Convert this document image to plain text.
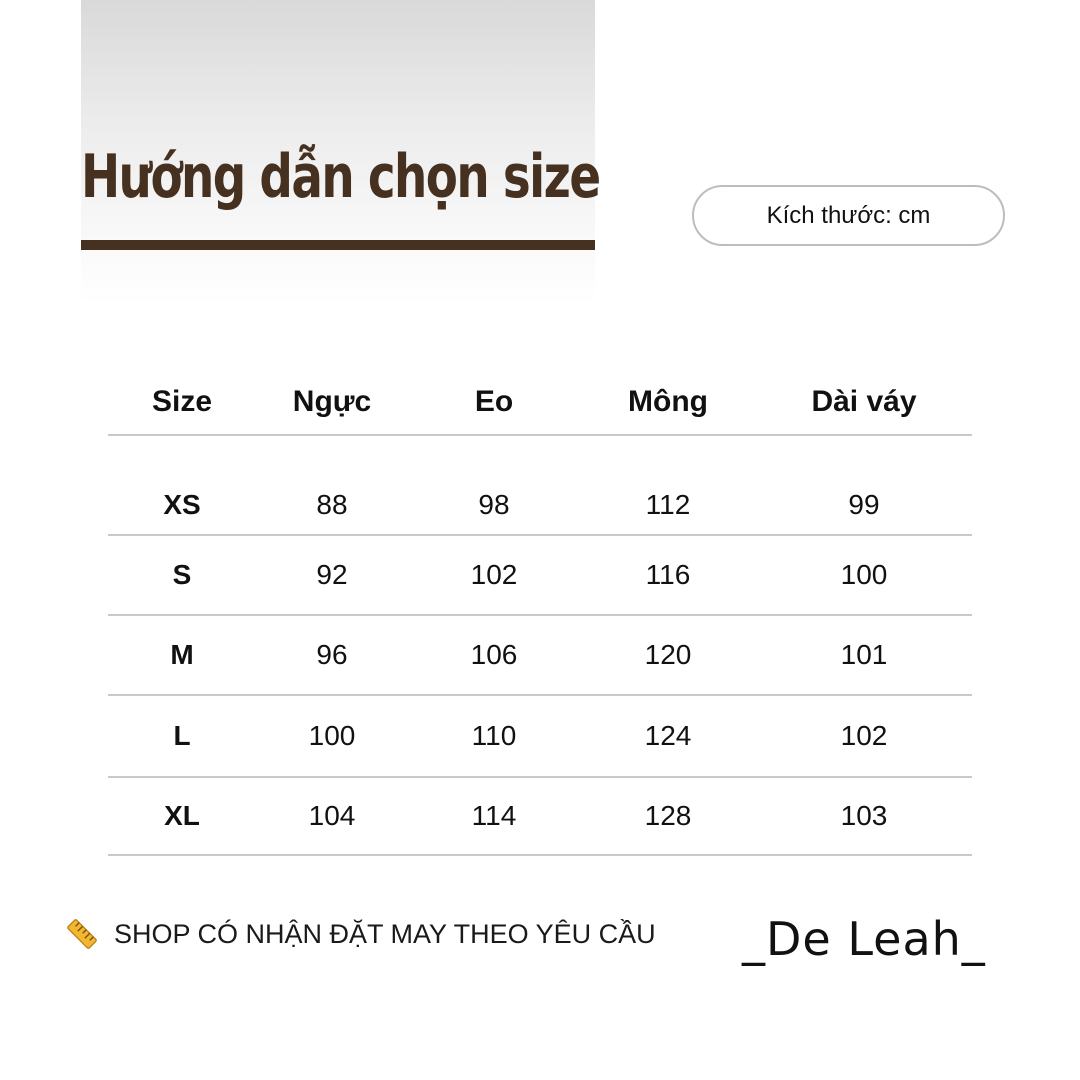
Hướng dẫn chọn size
Kích thước: cm
Size	Ngực	Eo	Mông	Dài váy
XS	88	98	112	99
S	92	102	116	100
M	96	106	120	101
L	100	110	124	102
XL	104	114	128	103
SHOP CÓ NHẬN ĐẶT MAY THEO YÊU CẦU _De Leah_
